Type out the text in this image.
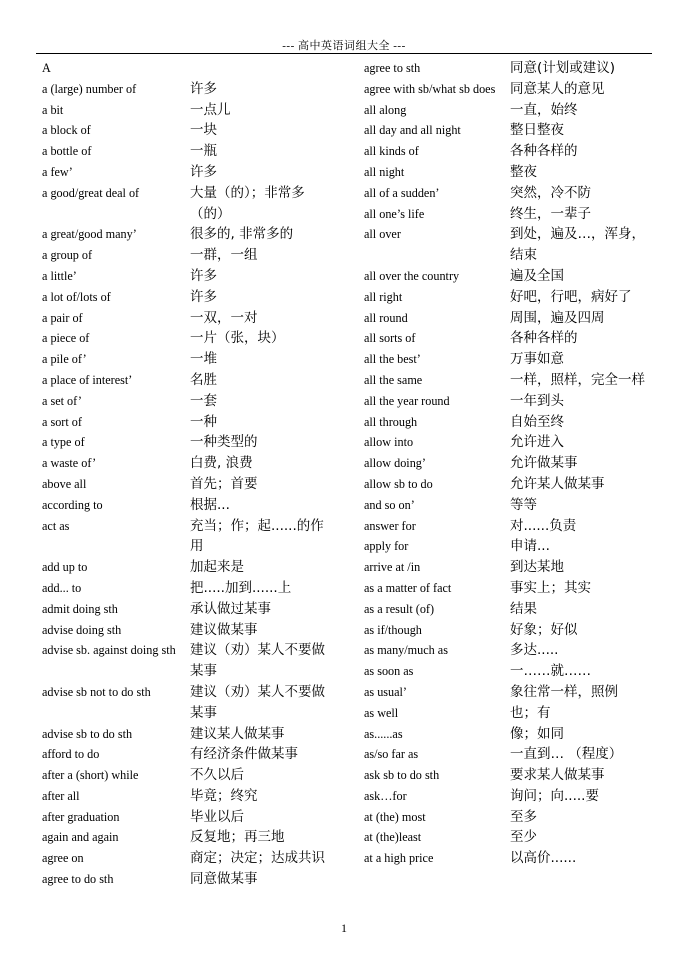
--- 高中英语词组大全 ---
A
a (large) number of	许多
a bit	一点儿
a block of	一块
a bottle of	一瓶
a few’	许多
a good/great deal of	大量（的）；非常多（的）
a great/good many’	很多的, 非常多的
a group of	一群，一组
a little’	许多
a lot of/lots of	许多
a pair of	一双，一对
a piece of	一片（张，块）
a pile of’	一堆
a place of interest’	名胜
a set of’	一套
a sort of	一种
a type of	一种类型的
a waste of’	白费, 浪费
above all	首先；首要
according to	根据...
act as	充当；作；起......的作用
add up to	加起来是
add... to	把.....加到......上
admit doing sth	承认做过某事
advise doing sth	建议做某事
advise sb. against doing sth	建议（劝）某人不要做某事
advise sb not to do sth	建议（劝）某人不要做某事
advise sb to do sth	建议某人做某事
afford to do	有经济条件做某事
after a (short) while	不久以后
after all	毕竟；终究
after graduation	毕业以后
again and again	反复地；再三地
agree on	商定；决定；达成共识
agree to do sth	同意做某事
agree to sth	同意(计划或建议)
agree with sb/what sb does	同意某人的意见
all along	一直，始终
all day and all night	整日整夜
all kinds of	各种各样的
all night	整夜
all of a sudden’	突然，冷不防
all one’s life	终生，一辈子
all over	到处，遍及…，浑身，结束
all over the country	遍及全国
all right	好吧，行吧，病好了
all round	周围，遍及四周
all sorts of	各种各样的
all the best’	万事如意
all the same	一样，照样，完全一样
all the year round	一年到头
all through	自始至终
allow into	允许进入
allow doing’	允许做某事
allow sb to do	允许某人做某事
and so on’	等等
answer for	对......负责
apply for	申请...
arrive at /in	到达某地
as a matter of fact	事实上；其实
as a result (of)	结果
as if/though	好象；好似
as many/much as	多达.....
as soon as	一……就……
as usual’	象往常一样，照例
as well	也；有
as......as	像；如同
as/so far as	一直到… （程度）
ask sb to do sth	要求某人做某事
ask…for	询问；向.....要
at (the) most	至多
at (the)least	至少
at a high price	以高价......
1
